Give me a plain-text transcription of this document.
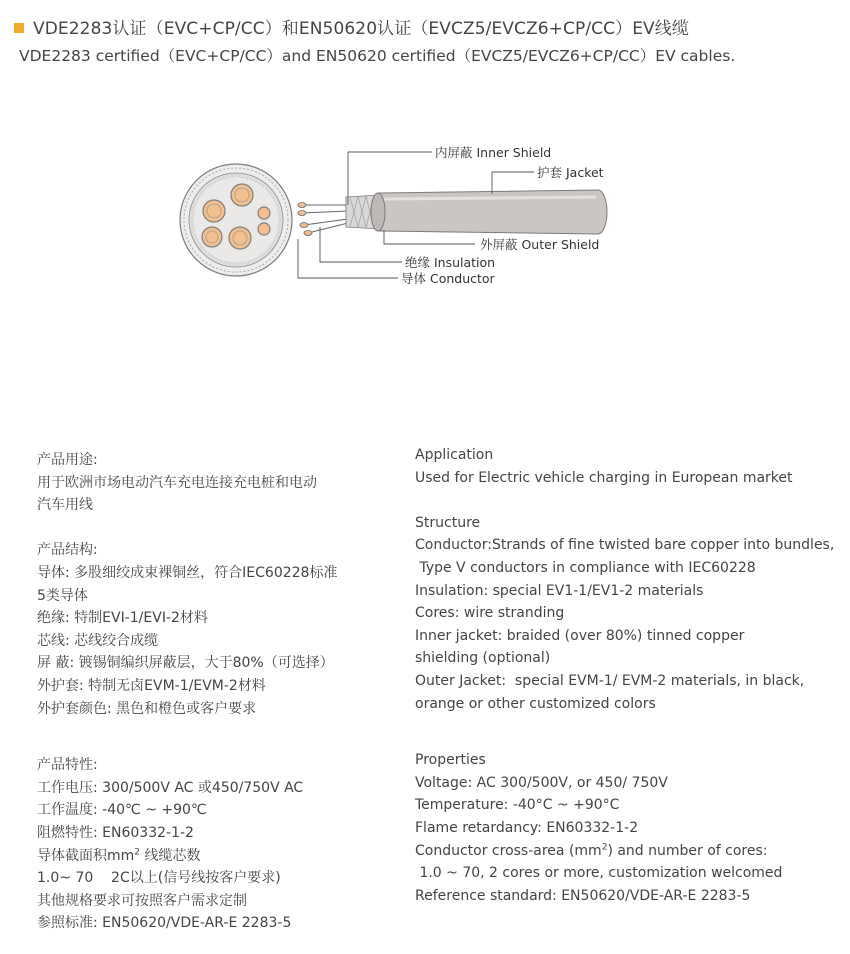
VDE2283认证（EVC+CP/CC）和EN50620认证（EVCZ5/EVCZ6+CP/CC）EV线缆
VDE2283 certified（EVC+CP/CC）and EN50620 certified（EVCZ5/EVCZ6+CP/CC）EV cables.
内屏蔽 Inner Shield
护套 Jacket
外屏蔽 Outer Shield
绝缘 Insulation
导体 Conductor
产品用途:
用于欧洲市场电动汽车充电连接充电桩和电动
汽车用线
产品结构:
导体: 多股细绞成束裸铜丝，符合IEC60228标准
5类导体
绝缘: 特制EVI-1/EVI-2材料
芯线: 芯线绞合成缆
屏 蔽: 镀锡铜编织屏蔽层，大于80%（可选择）
外护套: 特制无卤EVM-1/EVM-2材料
外护套颜色: 黑色和橙色或客户要求
产品特性:
工作电压: 300/500V AC 或450/750V AC
工作温度: -40℃ ~ +90℃
阻燃特性: EN60332-1-2
导体截面积$mm^2$ 线缆芯数
1.0~ 70    2C以上(信号线按客户要求)
其他规格要求可按照客户需求定制
参照标准: EN50620/VDE-AR-E 2283-5
Application
Used for Electric vehicle charging in European market
Structure
Conductor:Strands of fine twisted bare copper into bundles,
Type V conductors in compliance with IEC60228
Insulation: special EV1-1/EV1-2 materials
Cores: wire stranding
Inner jacket: braided (over 80%) tinned copper
shielding (optional)
Outer Jacket:  special EVM-1/ EVM-2 materials, in black,
orange or other customized colors
Properties
Voltage: AC 300/500V, or 450/ 750V
Temperature: -40°C ~ +90°C
Flame retardancy: EN60332-1-2
Conductor cross-area $(mm^2)$ and number of cores:
1.0 ~ 70, 2 cores or more, customization welcomed
Reference standard: EN50620/VDE-AR-E 2283-5
